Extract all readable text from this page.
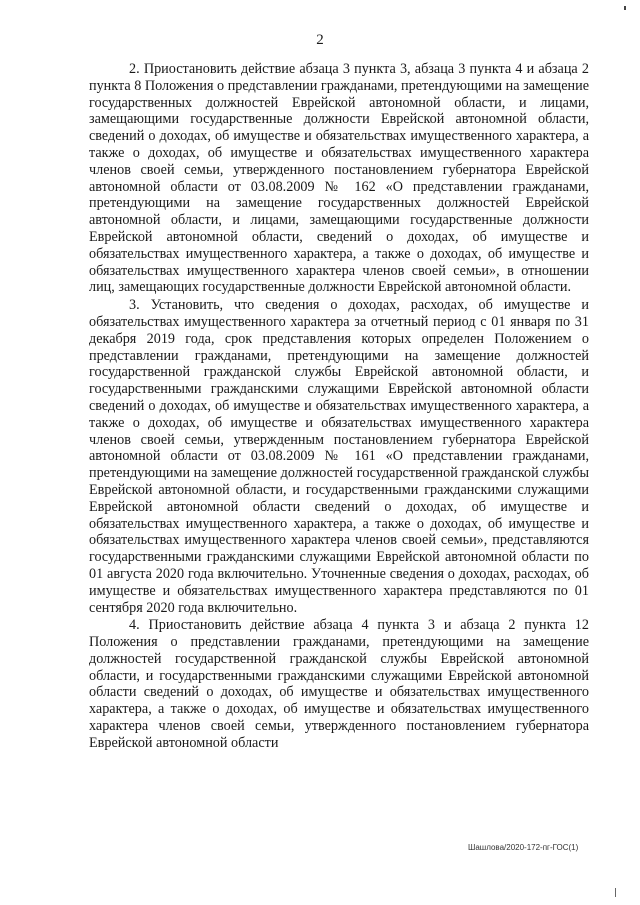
2

2. Приостановить действие абзаца 3 пункта 3, абзаца 3 пункта 4 и абзаца 2 пункта 8 Положения о представлении гражданами, претендующими на замещение государственных должностей Еврейской автономной области, и лицами, замещающими государственные должности Еврейской автономной области, сведений о доходах, об имуществе и обязательствах имущественного характера, а также о доходах, об имуществе и обязательствах имущественного характера членов своей семьи, утвержденного постановлением губернатора Еврейской автономной области от 03.08.2009 № 162 «О представлении гражданами, претендующими на замещение государственных должностей Еврейской автономной области, и лицами, замещающими государственные должности Еврейской автономной области, сведений о доходах, об имуществе и обязательствах имущественного характера, а также о доходах, об имуществе и обязательствах имущественного характера членов своей семьи», в отношении лиц, замещающих государственные должности Еврейской автономной области.

3. Установить, что сведения о доходах, расходах, об имуществе и обязательствах имущественного характера за отчетный период с 01 января по 31 декабря 2019 года, срок представления которых определен Положением о представлении гражданами, претендующими на замещение должностей государственной гражданской службы Еврейской автономной области, и государственными гражданскими служащими Еврейской автономной области сведений о доходах, об имуществе и обязательствах имущественного характера, а также о доходах, об имуществе и обязательствах имущественного характера членов своей семьи, утвержденным постановлением губернатора Еврейской автономной области от 03.08.2009 № 161 «О представлении гражданами, претендующими на замещение должностей государственной гражданской службы Еврейской автономной области, и государственными гражданскими служащими Еврейской автономной области сведений о доходах, об имуществе и обязательствах имущественного характера, а также о доходах, об имуществе и обязательствах имущественного характера членов своей семьи», представляются государственными гражданскими служащими Еврейской автономной области по 01 августа 2020 года включительно. Уточненные сведения о доходах, расходах, об имуществе и обязательствах имущественного характера представляются по 01 сентября 2020 года включительно.

4. Приостановить действие абзаца 4 пункта 3 и абзаца 2 пункта 12 Положения о представлении гражданами, претендующими на замещение должностей государственной гражданской службы Еврейской автономной области, и государственными гражданскими служащими Еврейской автономной области сведений о доходах, об имуществе и обязательствах имущественного характера, а также о доходах, об имуществе и обязательствах имущественного характера членов своей семьи, утвержденного постановлением губернатора Еврейской автономной области

Шашлова/2020-172-пг-ГОС(1)
